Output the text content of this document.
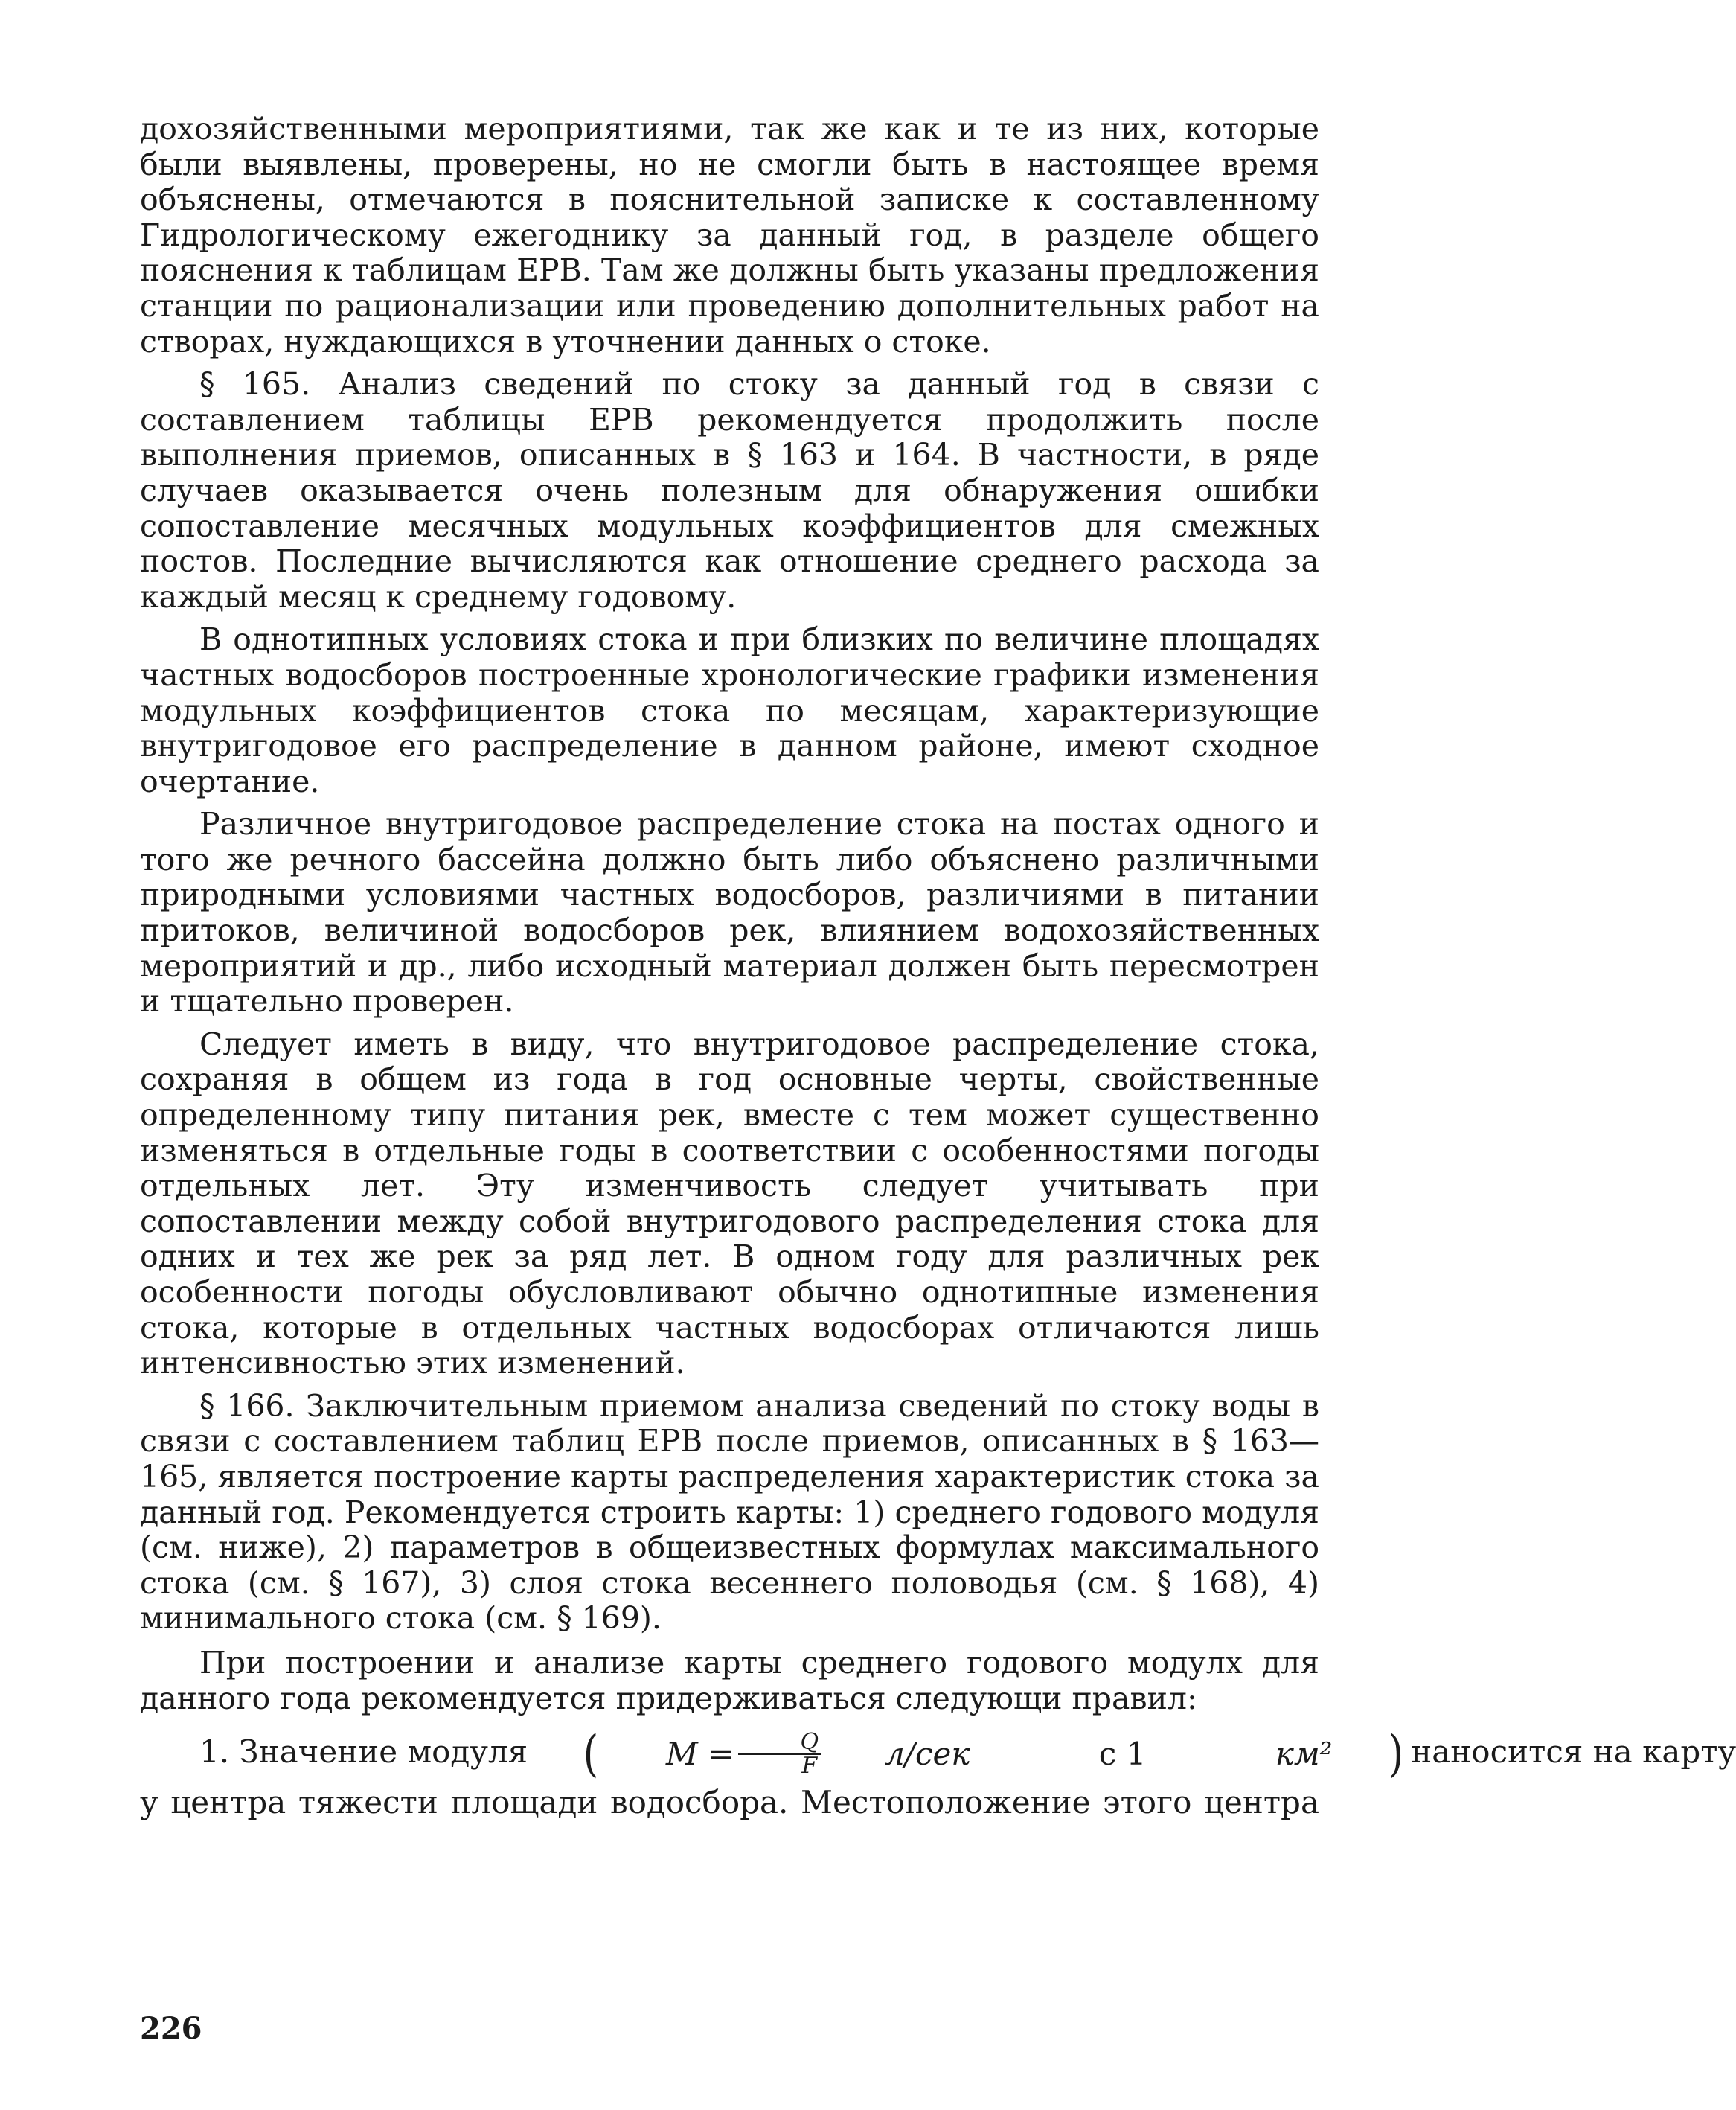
дохозяйственными мероприятиями, так же как и те из них, которые были выявлены, проверены, но не смогли быть в настоящее время объяснены, отмечаются в пояснительной записке к составленному Гидрологическому ежегоднику за данный год, в разделе общего пояснения к таблицам ЕРВ. Там же должны быть указаны предложения станции по рационализации или проведению дополнительных работ на створах, нуждающихся в уточнении данных о стоке.

§ 165. Анализ сведений по стоку за данный год в связи с составлением таблицы ЕРВ рекомендуется продолжить после выполнения приемов, описанных в § 163 и 164. В частности, в ряде случаев оказывается очень полезным для обнаружения ошибки сопоставление месячных модульных коэффициентов для смежных постов. Последние вычисляются как отношение среднего расхода за каждый месяц к среднему годовому.

В однотипных условиях стока и при близких по величине площадях частных водосборов построенные хронологические графики изменения модульных коэффициентов стока по месяцам, характеризующие внутригодовое его распределение в данном районе, имеют сходное очертание.

Различное внутригодовое распределение стока на постах одного и того же речного бассейна должно быть либо объяснено различными природными условиями частных водосборов, различиями в питании притоков, величиной водосборов рек, влиянием водохозяйственных мероприятий и др., либо исходный материал должен быть пересмотрен и тщательно проверен.

Следует иметь в виду, что внутригодовое распределение стока, сохраняя в общем из года в год основные черты, свойственные определенному типу питания рек, вместе с тем может существенно изменяться в отдельные годы в соответствии с особенностями погоды отдельных лет. Эту изменчивость следует учитывать при сопоставлении между собой внутригодового распределения стока для одних и тех же рек за ряд лет. В одном году для различных рек особенности погоды обусловливают обычно однотипные изменения стока, которые в отдельных частных водосборах отличаются лишь интенсивностью этих изменений.

§ 166. Заключительным приемом анализа сведений по стоку воды в связи с составлением таблиц ЕРВ после приемов, описанных в § 163—165, является построение карты распределения характеристик стока за данный год. Рекомендуется строить карты: 1) среднего годового модуля (см. ниже), 2) параметров в общеизвестных формулах максимального стока (см. § 167), 3) слоя стока весеннего половодья (см. § 168), 4) минимального стока (см. § 169).

При построении и анализе карты среднего годового модулх для данного года рекомендуется придерживаться следующи правил:

1. Значение модуля	(	$M = \frac{Q}{F}$	л/сек
	с 1
	км²	) наносится на карту

у центра тяжести площади водосбора. Местоположение этого центра

226
